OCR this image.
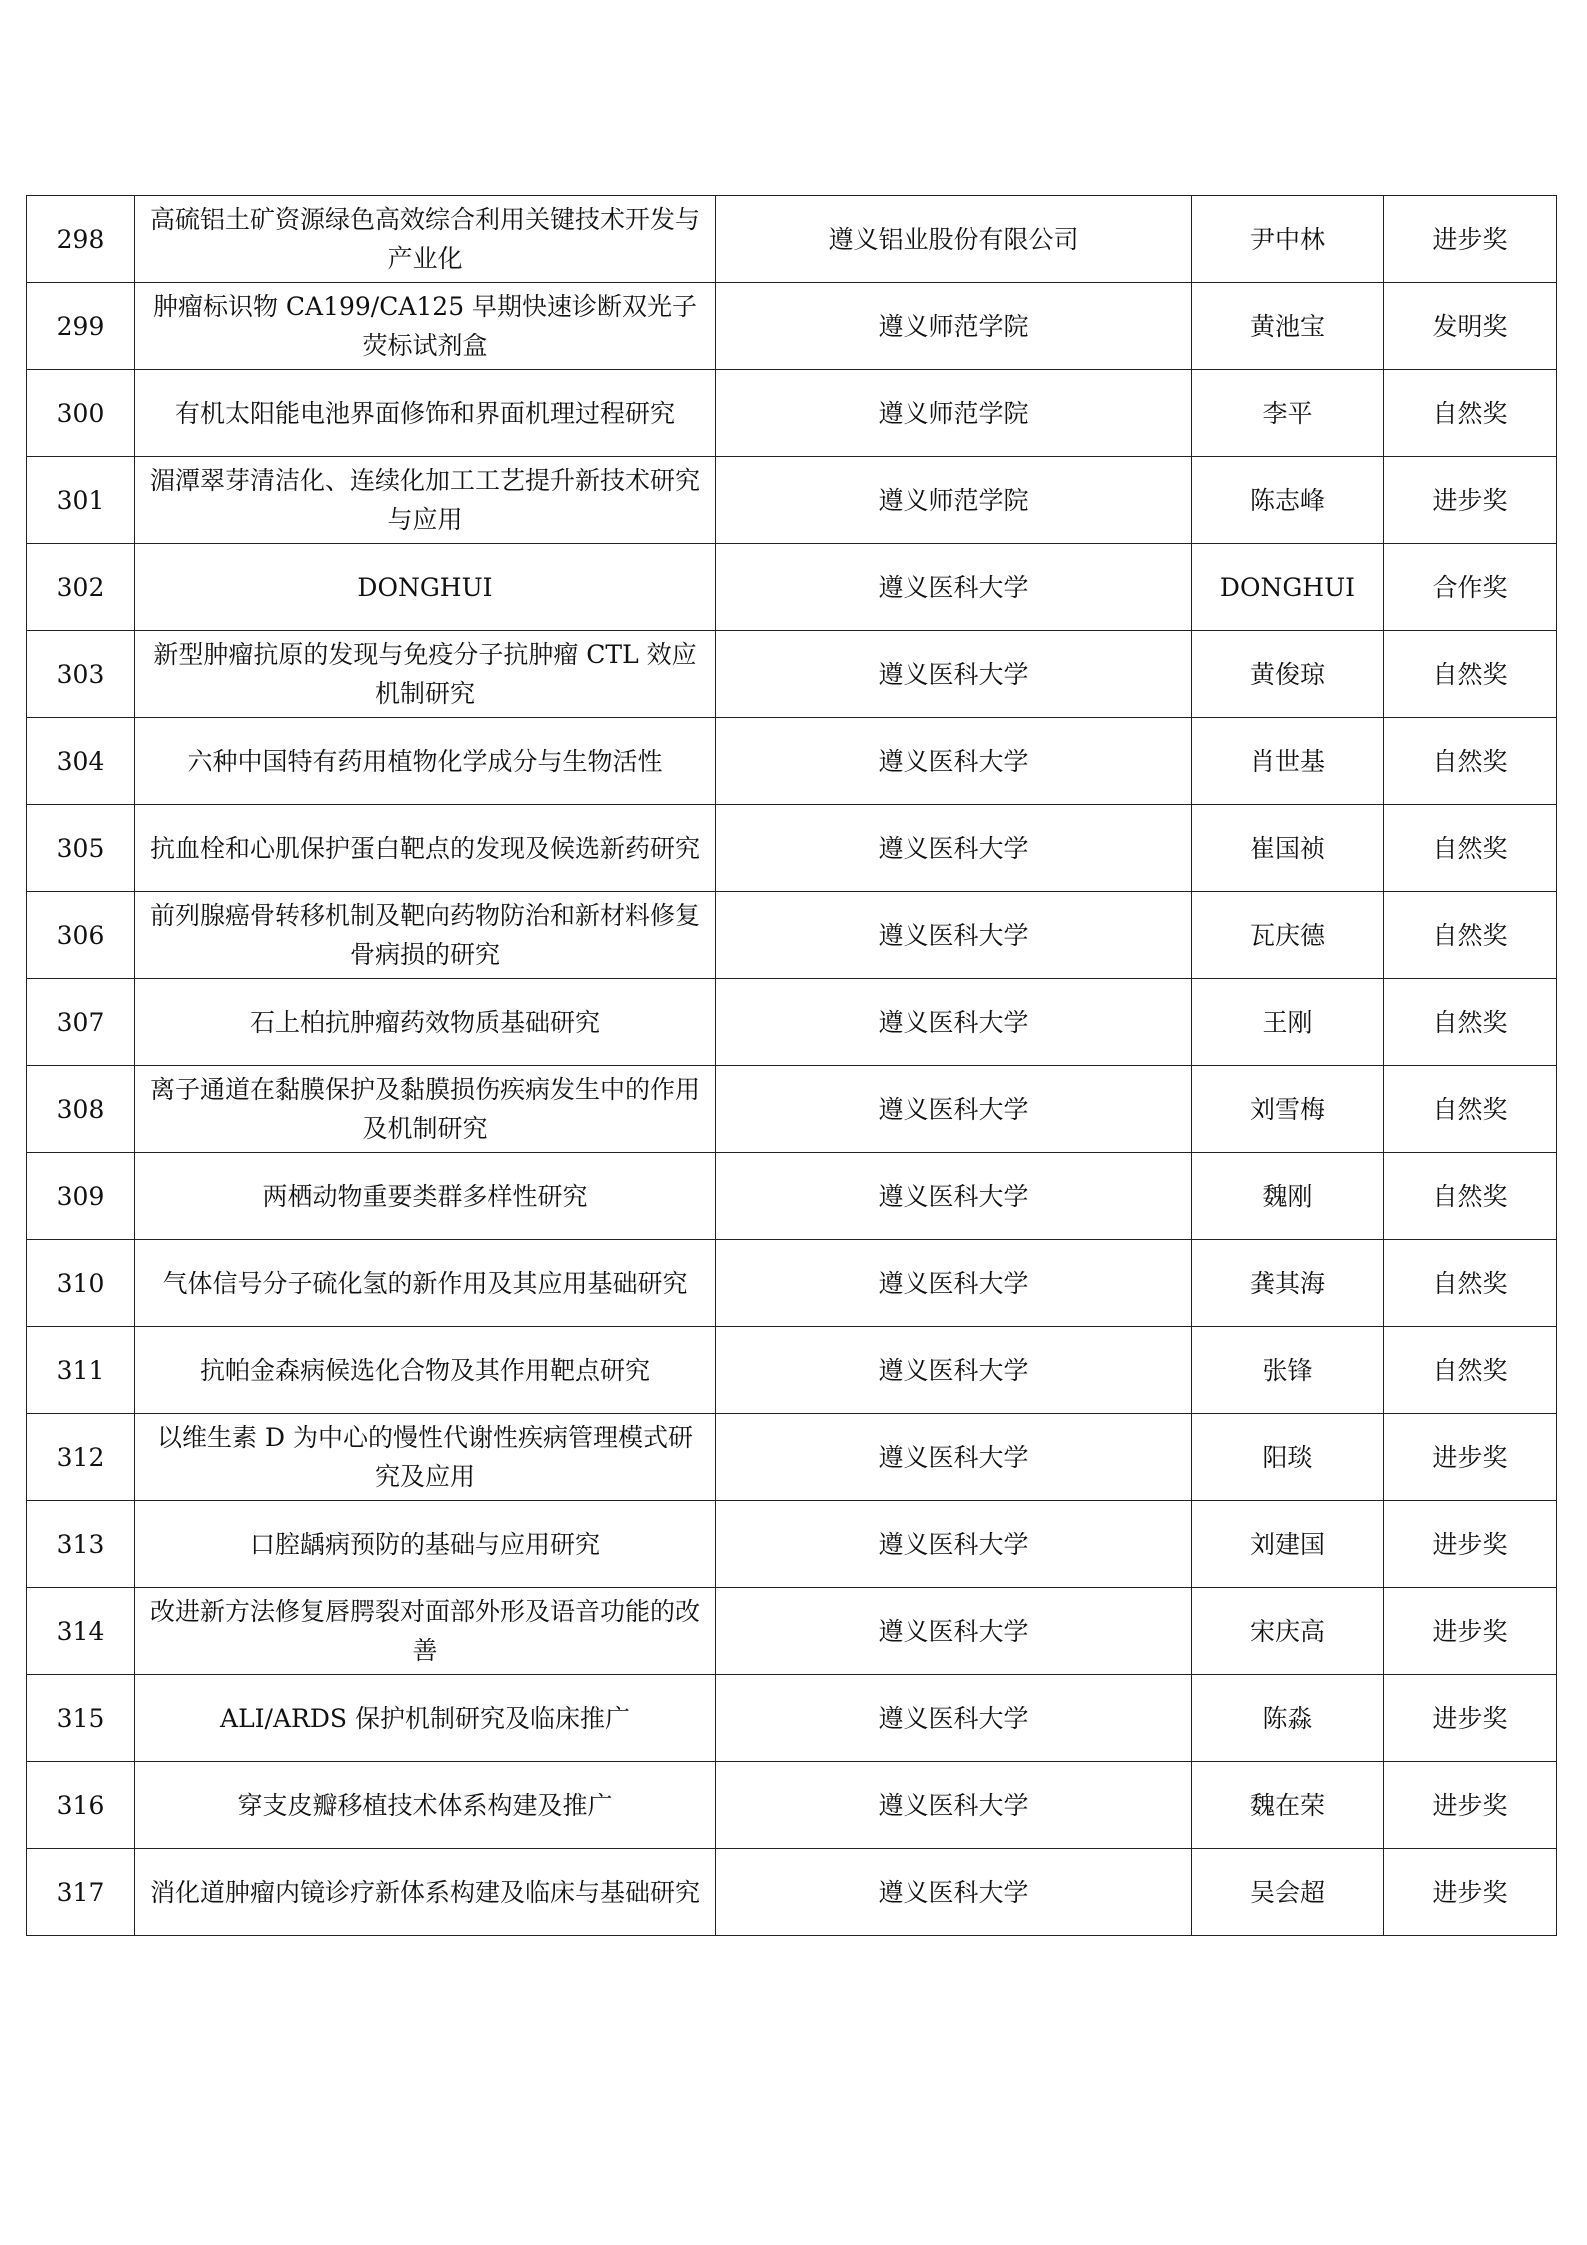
298	高硫铝土矿资源绿色高效综合利用关键技术开发与产业化	遵义铝业股份有限公司	尹中林	进步奖
299	肿瘤标识物 CA199/CA125 早期快速诊断双光子荧标试剂盒	遵义师范学院	黄池宝	发明奖
300	有机太阳能电池界面修饰和界面机理过程研究	遵义师范学院	李平	自然奖
301	湄潭翠芽清洁化、连续化加工工艺提升新技术研究与应用	遵义师范学院	陈志峰	进步奖
302	DONGHUI	遵义医科大学	DONGHUI	合作奖
303	新型肿瘤抗原的发现与免疫分子抗肿瘤 CTL 效应机制研究	遵义医科大学	黄俊琼	自然奖
304	六种中国特有药用植物化学成分与生物活性	遵义医科大学	肖世基	自然奖
305	抗血栓和心肌保护蛋白靶点的发现及候选新药研究	遵义医科大学	崔国祯	自然奖
306	前列腺癌骨转移机制及靶向药物防治和新材料修复骨病损的研究	遵义医科大学	瓦庆德	自然奖
307	石上柏抗肿瘤药效物质基础研究	遵义医科大学	王刚	自然奖
308	离子通道在黏膜保护及黏膜损伤疾病发生中的作用及机制研究	遵义医科大学	刘雪梅	自然奖
309	两栖动物重要类群多样性研究	遵义医科大学	魏刚	自然奖
310	气体信号分子硫化氢的新作用及其应用基础研究	遵义医科大学	龚其海	自然奖
311	抗帕金森病候选化合物及其作用靶点研究	遵义医科大学	张锋	自然奖
312	以维生素 D 为中心的慢性代谢性疾病管理模式研究及应用	遵义医科大学	阳琰	进步奖
313	口腔龋病预防的基础与应用研究	遵义医科大学	刘建国	进步奖
314	改进新方法修复唇腭裂对面部外形及语音功能的改善	遵义医科大学	宋庆高	进步奖
315	ALI/ARDS 保护机制研究及临床推广	遵义医科大学	陈淼	进步奖
316	穿支皮瓣移植技术体系构建及推广	遵义医科大学	魏在荣	进步奖
317	消化道肿瘤内镜诊疗新体系构建及临床与基础研究	遵义医科大学	吴会超	进步奖
